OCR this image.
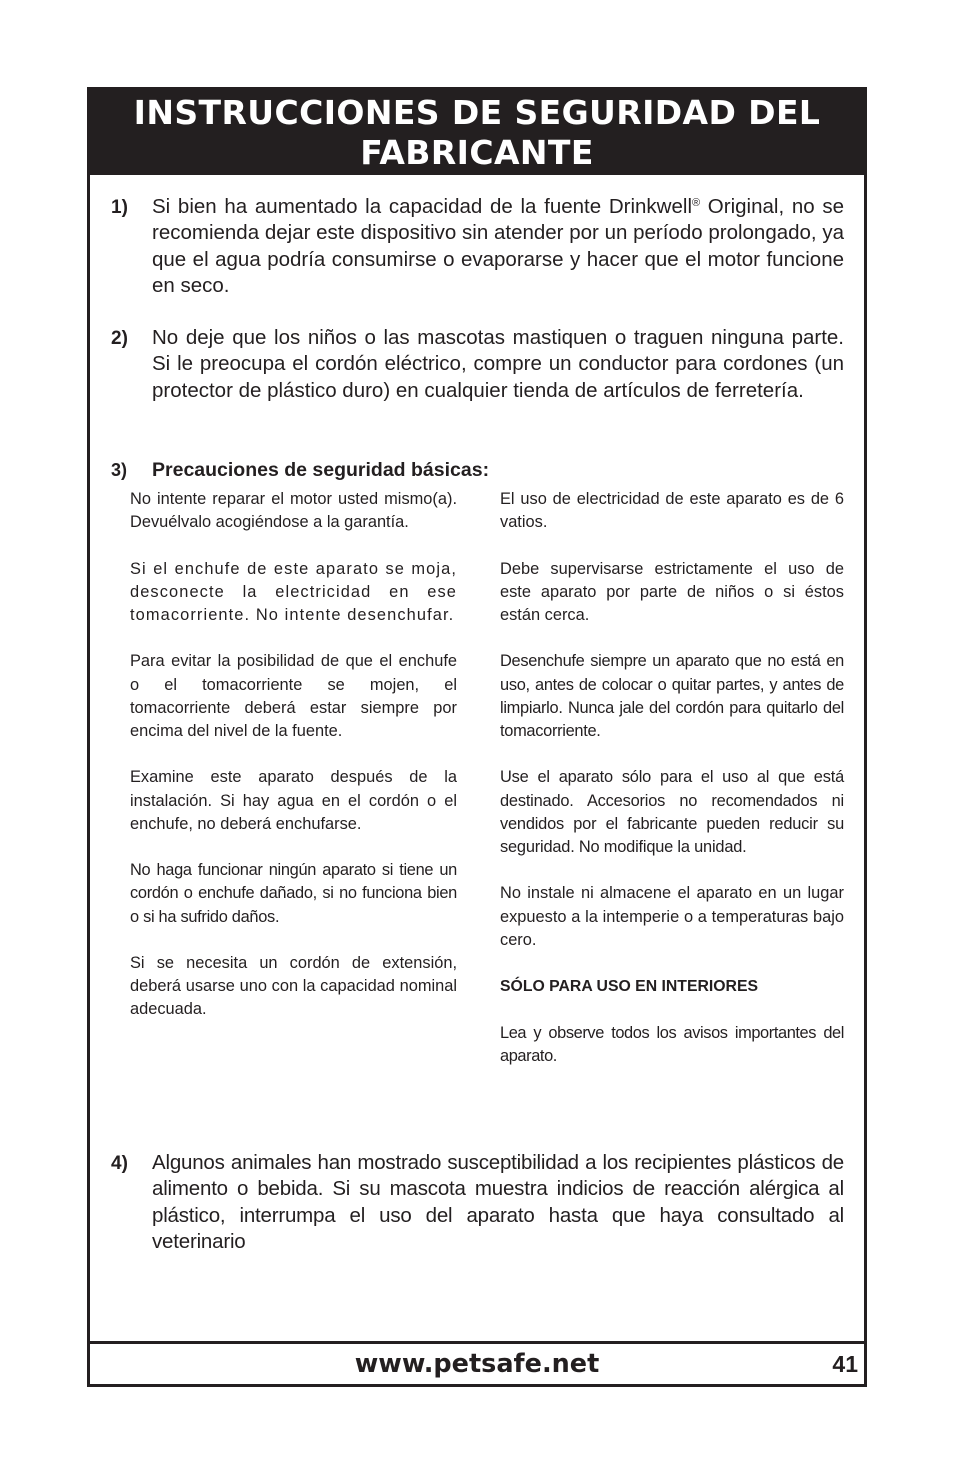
INSTRUCCIONES DE SEGURIDAD DEL
FABRICANTE
1) Si bien ha aumentado la capacidad de la fuente Drinkwell® Original, no se recomienda dejar este dispositivo sin atender por un período prolongado, ya que el agua podría consumirse o evaporarse y hacer que el motor funcione en seco.
2) No deje que los niños o las mascotas mastiquen o traguen ninguna parte. Si le preocupa el cordón eléctrico, compre un conductor para cordones (un protector de plástico duro) en cualquier tienda de artículos de ferretería.
3) Precauciones de seguridad básicas:

No intente reparar el motor usted mismo(a). Devuélvalo acogiéndose a la garantía.

Si el enchufe de este aparato se moja, desconecte la electricidad en ese tomacorriente. No intente desenchufar.

Para evitar la posibilidad de que el enchufe o el tomacorriente se mojen, el tomacorriente deberá estar siempre por encima del nivel de la fuente.

Examine este aparato después de la instalación. Si hay agua en el cordón o el enchufe, no deberá enchufarse.

No haga funcionar ningún aparato si tiene un cordón o enchufe dañado, si no funciona bien o si ha sufrido daños.

Si se necesita un cordón de extensión, deberá usarse uno con la capacidad nominal adecuada.

El uso de electricidad de este aparato es de 6 vatios.

Debe supervisarse estrictamente el uso de este aparato por parte de niños o si éstos están cerca.

Desenchufe siempre un aparato que no está en uso, antes de colocar o quitar partes, y antes de limpiarlo. Nunca jale del cordón para quitarlo del tomacorriente.

Use el aparato sólo para el uso al que está destinado. Accesorios no recomendados ni vendidos por el fabricante pueden reducir su seguridad. No modifique la unidad.

No instale ni almacene el aparato en un lugar expuesto a la intemperie o a temperaturas bajo cero.

SÓLO PARA USO EN INTERIORES

Lea y observe todos los avisos importantes del aparato.

4) Algunos animales han mostrado susceptibilidad a los recipientes plásticos de alimento o bebida. Si su mascota muestra indicios de reacción alérgica al plástico, interrumpa el uso del aparato hasta que haya consultado al veterinario
www.petsafe.net	41
